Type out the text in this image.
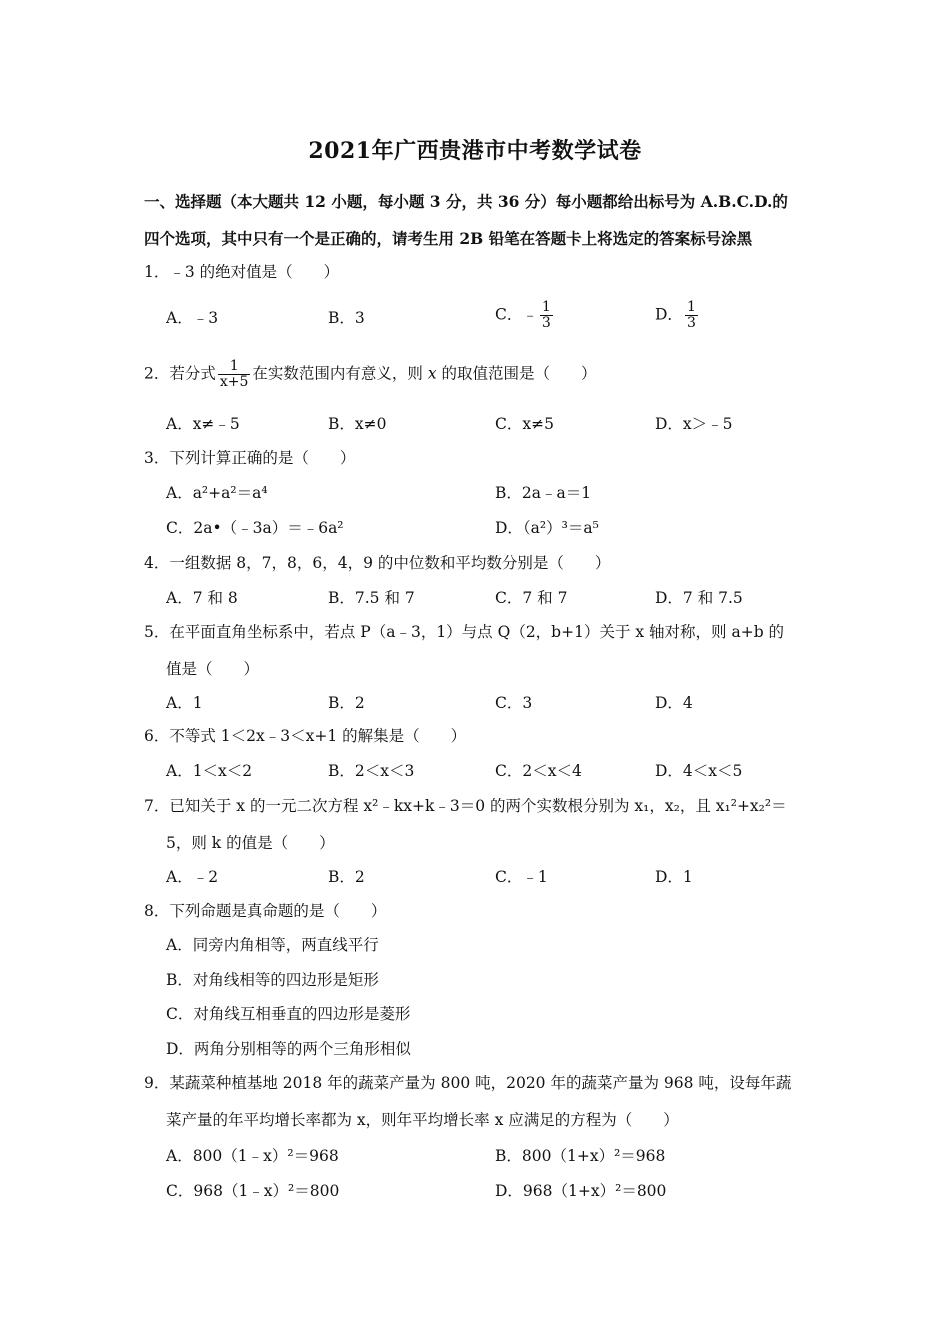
2021年广西贵港市中考数学试卷
一、选择题（本大题共 12 小题，每小题 3 分，共 36 分）每小题都给出标号为 A.B.C.D.的
四个选项，其中只有一个是正确的，请考生用 2B 铅笔在答题卡上将选定的答案标号涂黑
1．﹣3 的绝对值是（　　）
A．﹣3	B．3	C．﹣ $\frac{1}{3}$	D． $\frac{1}{3}$
2．若分式 $\frac{1}{x+5}$ 在实数范围内有意义，则 x 的取值范围是（　　）
A．x≠﹣5	B．x≠0	C．x≠5	D．x＞﹣5
3．下列计算正确的是（　　）
A．a²+a²＝a⁴	B．2a﹣a＝1
C．2a•（﹣3a）＝﹣6a²	D．（a²）³＝a⁵
4．一组数据 8，7，8，6，4，9 的中位数和平均数分别是（　　）
A．7 和 8	B．7.5 和 7	C．7 和 7	D．7 和 7.5
5．在平面直角坐标系中，若点 P（a﹣3，1）与点 Q（2，b+1）关于 x 轴对称，则 a+b 的
值是（　　）
A．1	B．2	C．3	D．4
6．不等式 1＜2x﹣3＜x+1 的解集是（　　）
A．1＜x＜2	B．2＜x＜3	C．2＜x＜4	D．4＜x＜5
7．已知关于 x 的一元二次方程 x²﹣kx+k﹣3＝0 的两个实数根分别为 x₁，x₂，且 x₁²+x₂²＝
5，则 k 的值是（　　）
A．﹣2	B．2	C．﹣1	D．1
8．下列命题是真命题的是（　　）
A．同旁内角相等，两直线平行
B．对角线相等的四边形是矩形
C．对角线互相垂直的四边形是菱形
D．两角分别相等的两个三角形相似
9．某蔬菜种植基地 2018 年的蔬菜产量为 800 吨，2020 年的蔬菜产量为 968 吨，设每年蔬
菜产量的年平均增长率都为 x，则年平均增长率 x 应满足的方程为（　　）
A．800（1﹣x）²＝968	B．800（1+x）²＝968
C．968（1﹣x）²＝800	D．968（1+x）²＝800
